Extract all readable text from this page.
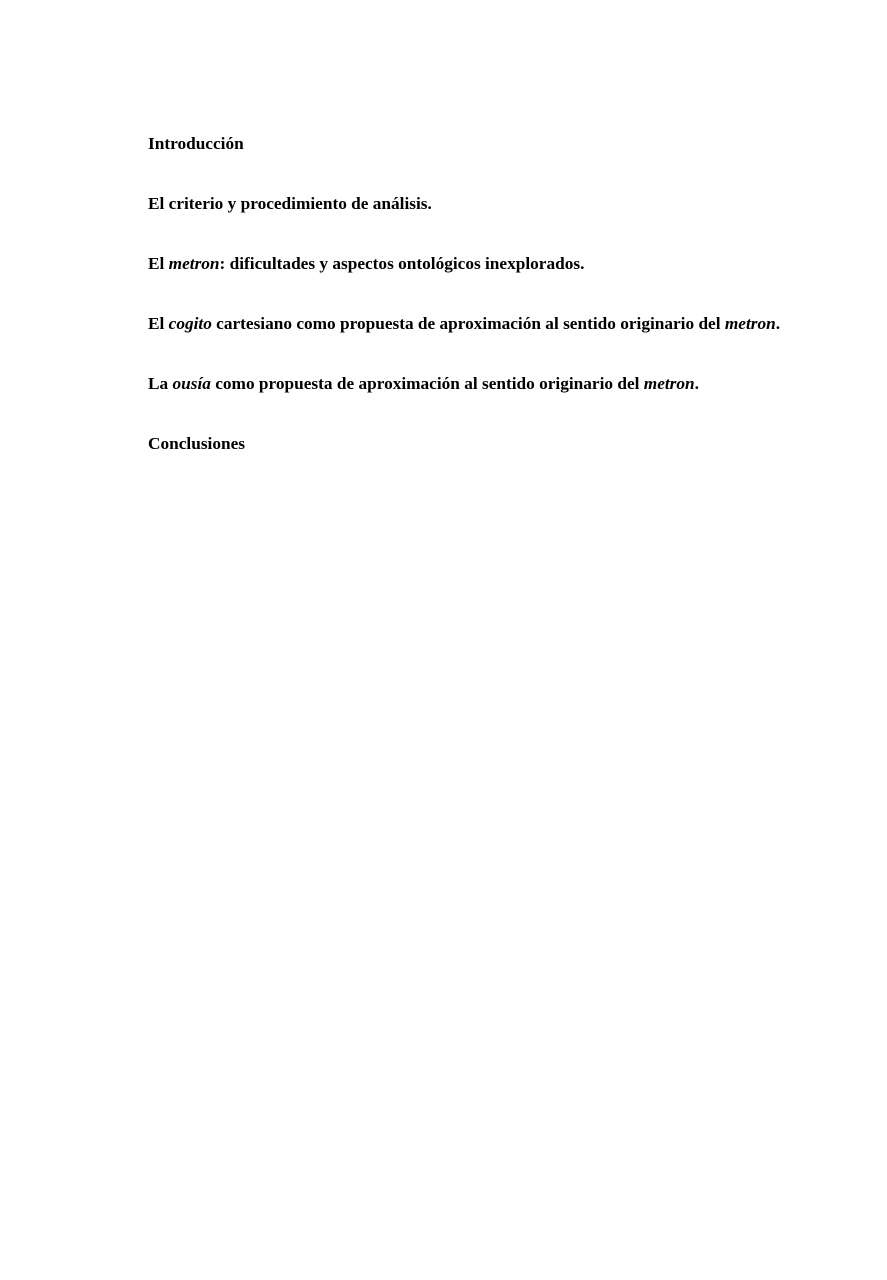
Introducción
El criterio y procedimiento de análisis.
El metron: dificultades y aspectos ontológicos inexplorados.
El cogito cartesiano como propuesta de aproximación al sentido originario del metron.
La ousía como propuesta de aproximación al sentido originario del metron.
Conclusiones
